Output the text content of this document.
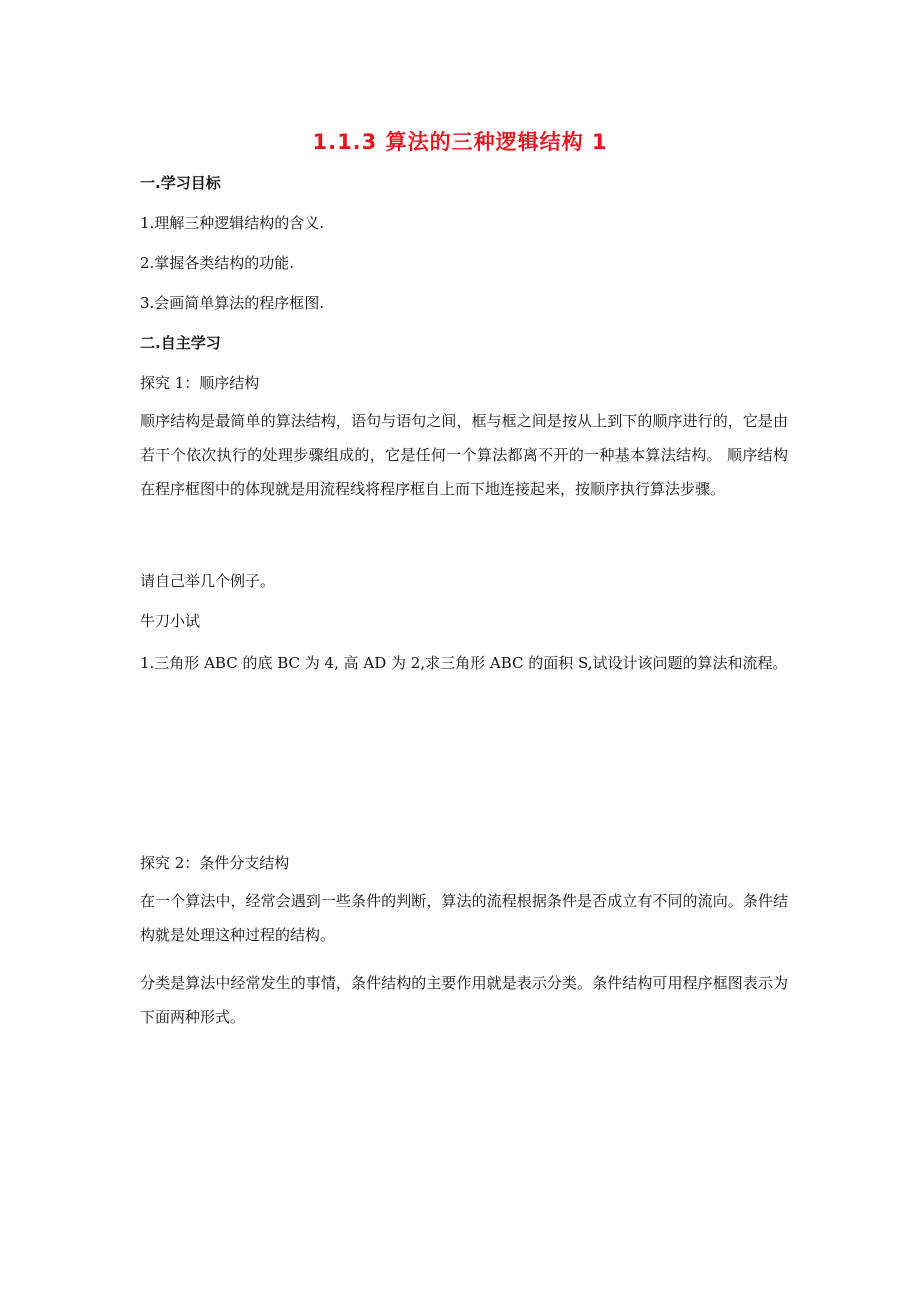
1.1.3 算法的三种逻辑结构 1
一.学习目标

1.理解三种逻辑结构的含义.

2.掌握各类结构的功能.

3.会画简单算法的程序框图.

二.自主学习

探究 1：顺序结构

顺序结构是最简单的算法结构，语句与语句之间，框与框之间是按从上到下的顺序进行的，它是由若干个依次执行的处理步骤组成的，它是任何一个算法都离不开的一种基本算法结构。 顺序结构在程序框图中的体现就是用流程线将程序框自上而下地连接起来，按顺序执行算法步骤。

请自己举几个例子。

牛刀小试

1.三角形 ABC 的底 BC 为 4, 高 AD 为 2,求三角形 ABC 的面积 S,试设计该问题的算法和流程。

探究 2：条件分支结构

在一个算法中，经常会遇到一些条件的判断，算法的流程根据条件是否成立有不同的流向。条件结构就是处理这种过程的结构。

分类是算法中经常发生的事情，条件结构的主要作用就是表示分类。条件结构可用程序框图表示为下面两种形式。
